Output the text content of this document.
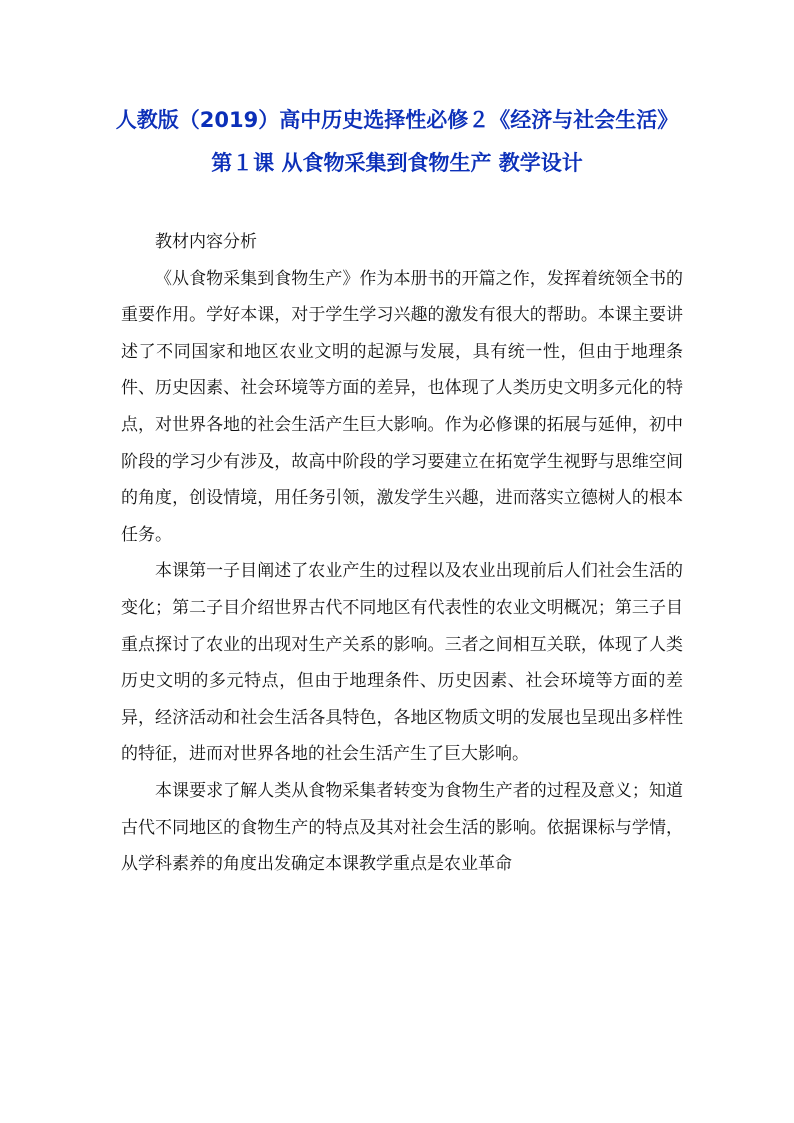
人教版（2019）高中历史选择性必修２《经济与社会生活》
第１课 从食物采集到食物生产 教学设计

教材内容分析

《从食物采集到食物生产》作为本册书的开篇之作，发挥着统领全书的重要作用。学好本课，对于学生学习兴趣的激发有很大的帮助。本课主要讲述了不同国家和地区农业文明的起源与发展，具有统一性，但由于地理条件、历史因素、社会环境等方面的差异，也体现了人类历史文明多元化的特点，对世界各地的社会生活产生巨大影响。作为必修课的拓展与延伸，初中阶段的学习少有涉及，故高中阶段的学习要建立在拓宽学生视野与思维空间的角度，创设情境，用任务引领，激发学生兴趣，进而落实立德树人的根本任务。

本课第一子目阐述了农业产生的过程以及农业出现前后人们社会生活的变化；第二子目介绍世界古代不同地区有代表性的农业文明概况；第三子目重点探讨了农业的出现对生产关系的影响。三者之间相互关联，体现了人类历史文明的多元特点，但由于地理条件、历史因素、社会环境等方面的差异，经济活动和社会生活各具特色，各地区物质文明的发展也呈现出多样性的特征，进而对世界各地的社会生活产生了巨大影响。

本课要求了解人类从食物采集者转变为食物生产者的过程及意义；知道古代不同地区的食物生产的特点及其对社会生活的影响。依据课标与学情，从学科素养的角度出发确定本课教学重点是农业革命
